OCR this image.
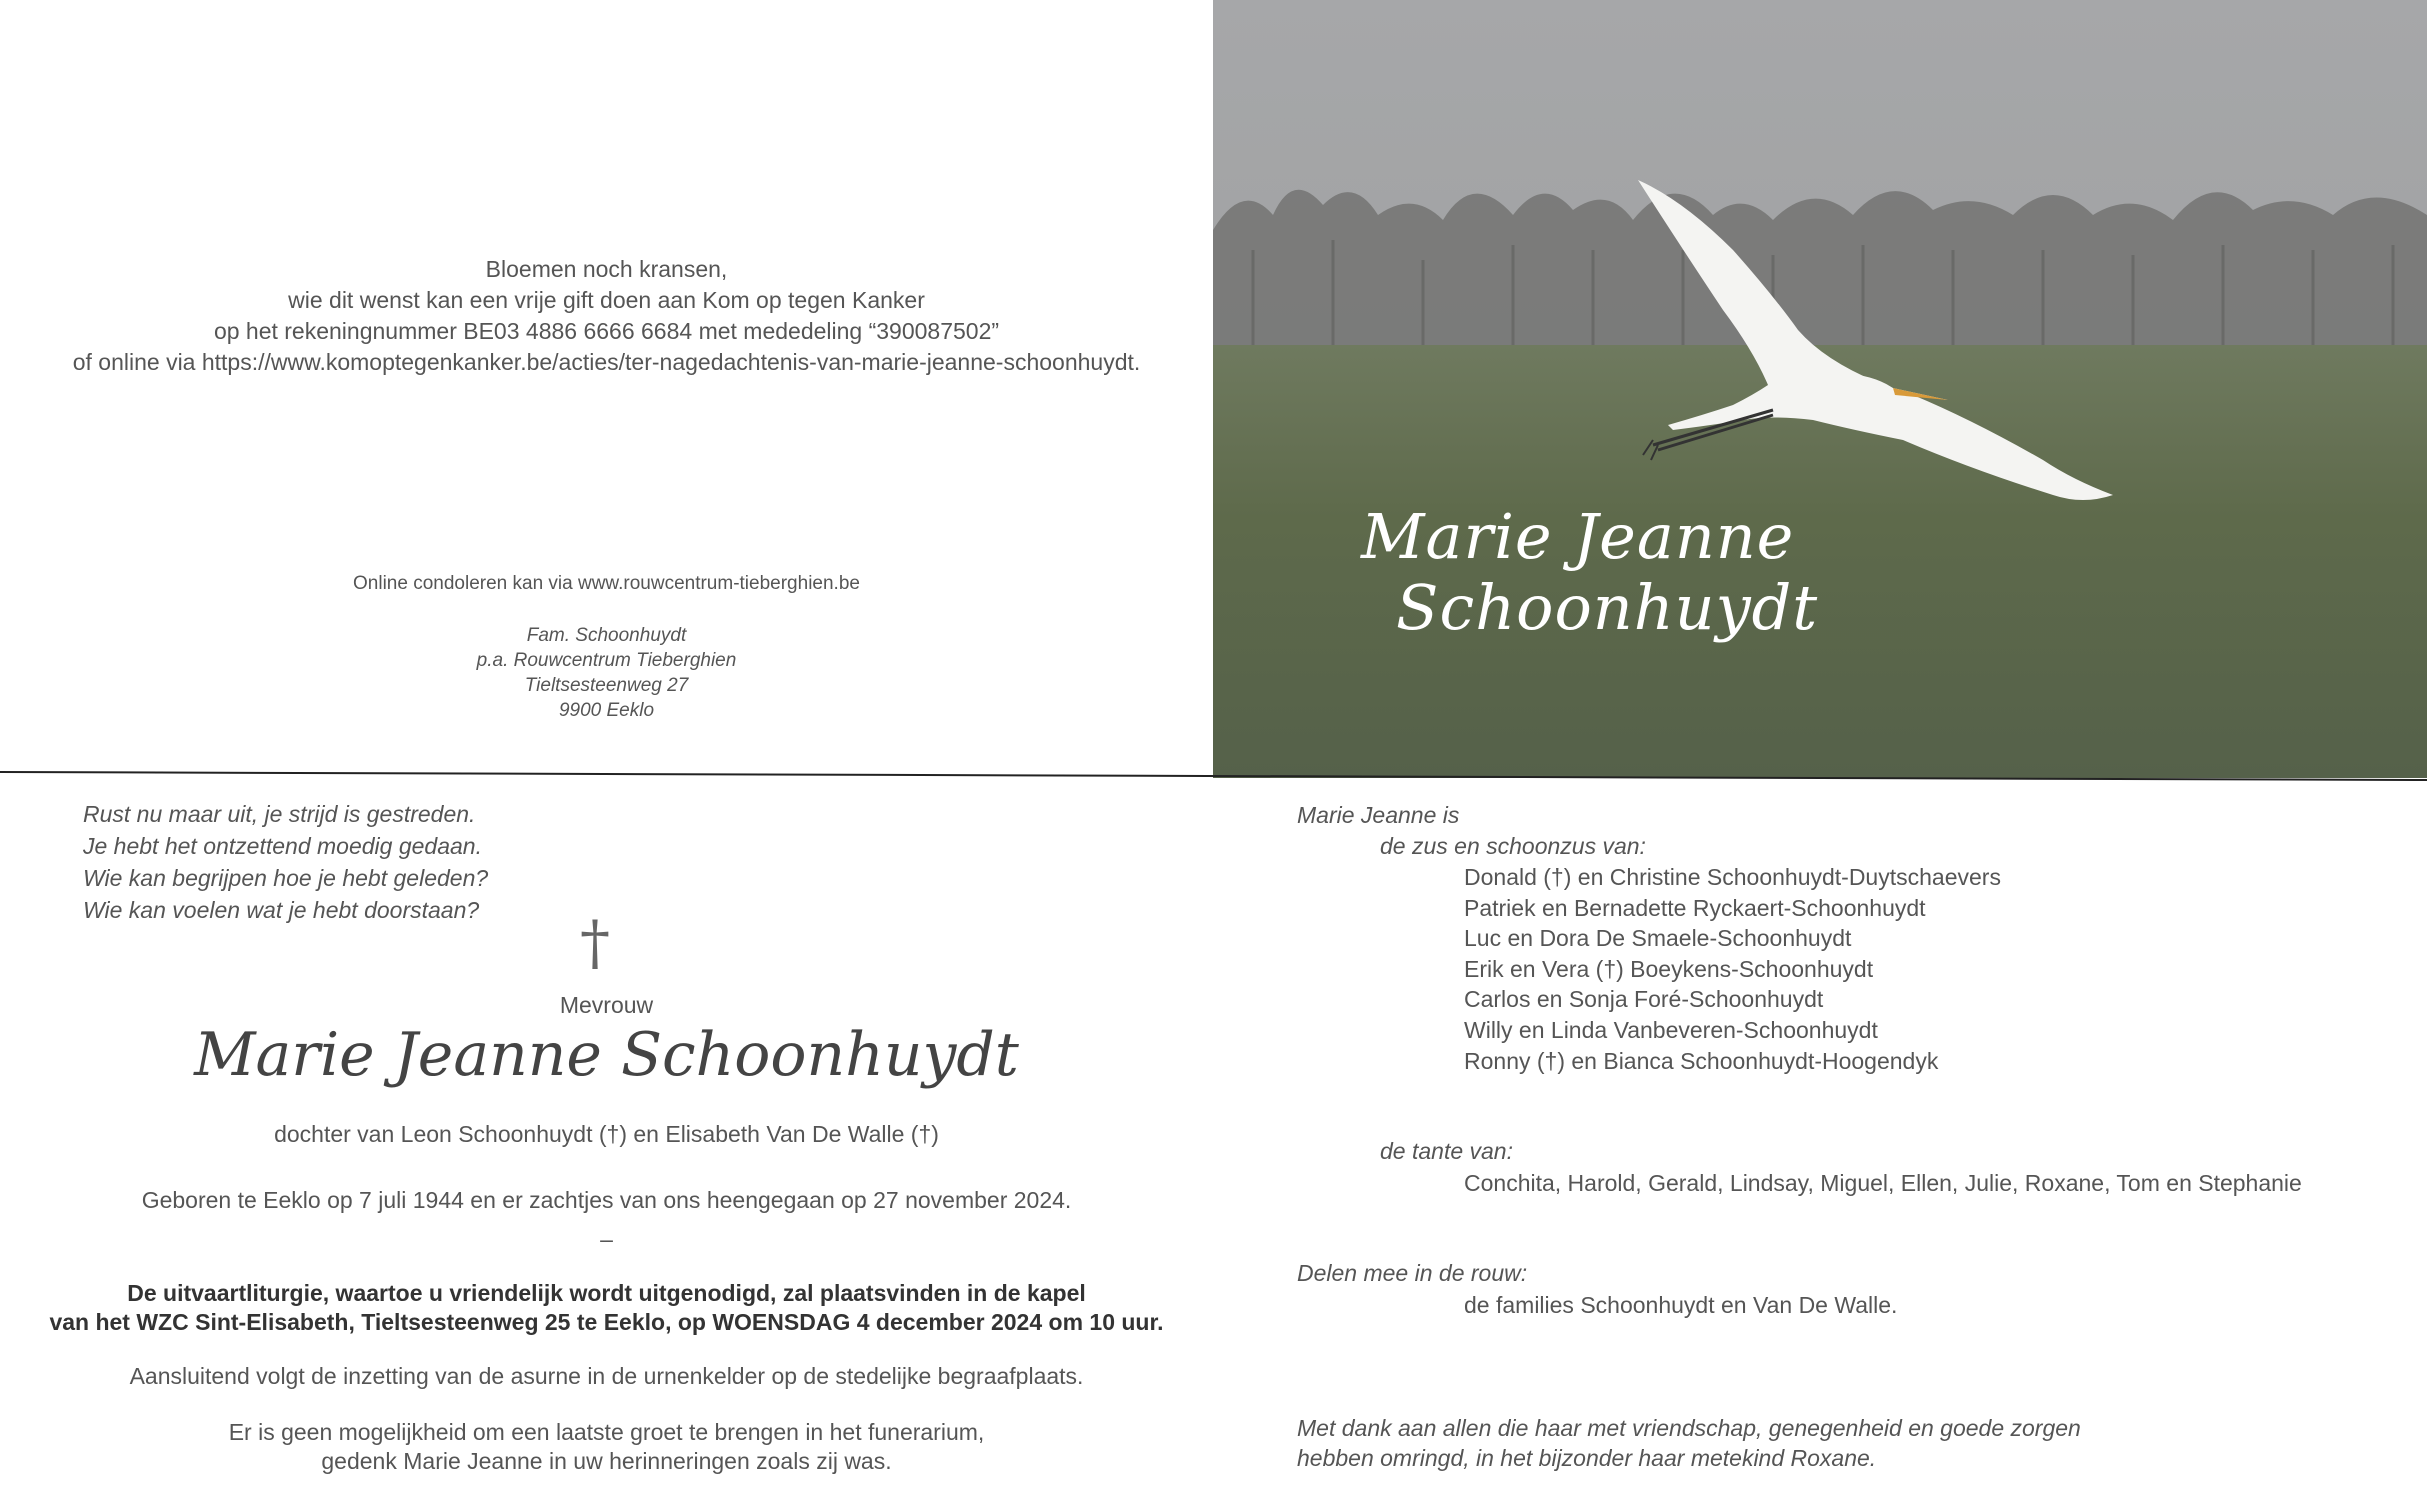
Bloemen noch kransen,
wie dit wenst kan een vrije gift doen aan Kom op tegen Kanker
op het rekeningnummer BE03 4886 6666 6684 met mededeling “390087502”
of online via https://www.komoptegenkanker.be/acties/ter-nagedachtenis-van-marie-jeanne-schoonhuydt.
Online condoleren kan via www.rouwcentrum-tieberghien.be
Fam. Schoonhuydt
p.a. Rouwcentrum Tieberghien
Tieltsesteenweg 27
9900 Eeklo
Marie Jeanne
Schoonhuydt
Rust nu maar uit, je strijd is gestreden.
Je hebt het ontzettend moedig gedaan.
Wie kan begrijpen hoe je hebt geleden?
Wie kan voelen wat je hebt doorstaan? †
Mevrouw
Marie Jeanne Schoonhuydt
dochter van Leon Schoonhuydt (†) en Elisabeth Van De Walle (†)
Geboren te Eeklo op 7 juli 1944 en er zachtjes van ons heengegaan op 27 november 2024.
–
De uitvaartliturgie, waartoe u vriendelijk wordt uitgenodigd, zal plaatsvinden in de kapel
van het WZC Sint-Elisabeth, Tieltsesteenweg 25 te Eeklo, op WOENSDAG 4 december 2024 om 10 uur.
Aansluitend volgt de inzetting van de asurne in de urnenkelder op de stedelijke begraafplaats.
Er is geen mogelijkheid om een laatste groet te brengen in het funerarium,
gedenk Marie Jeanne in uw herinneringen zoals zij was.
Marie Jeanne is
de zus en schoonzus van:
Donald (†) en Christine Schoonhuydt-Duytschaevers
Patriek en Bernadette Ryckaert-Schoonhuydt
Luc en Dora De Smaele-Schoonhuydt
Erik en Vera (†) Boeykens-Schoonhuydt
Carlos en Sonja Foré-Schoonhuydt
Willy en Linda Vanbeveren-Schoonhuydt
Ronny (†) en Bianca Schoonhuydt-Hoogendyk
de tante van:
Conchita, Harold, Gerald, Lindsay, Miguel, Ellen, Julie, Roxane, Tom en Stephanie
Delen mee in de rouw:
de families Schoonhuydt en Van De Walle.
Met dank aan allen die haar met vriendschap, genegenheid en goede zorgen
hebben omringd, in het bijzonder haar metekind Roxane.
